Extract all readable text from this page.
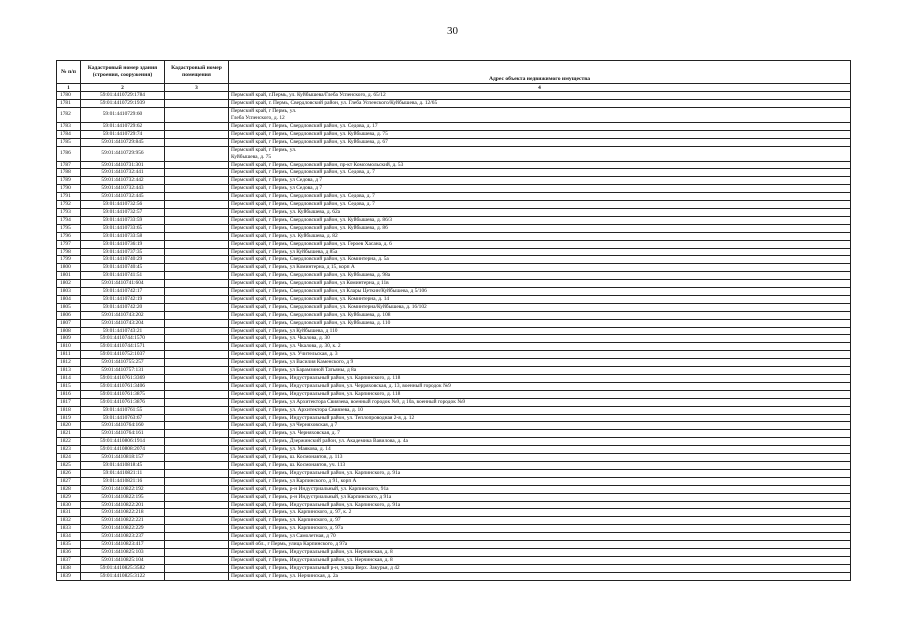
30
№ п/п	Кадастровый номер здания (строения, сооружения)	Кадастровый номер помещения	
			Адрес объекта недвижимого имущества
1	2	3	4
1780	59:01:4410729:1784		Пермский край, г.Пермь, ул. Куйбышева/Глеба Успенского, д. 65/12
1781	59:01:4410729:1939		Пермский край, г. Пермь, Свердловский район, ул. Глеба Успенского/Куйбышева, д. 12/65
1782	59:01:4410729:60		Пермский край, г Пермь, ул.
Глеба Успенского, д. 12
1783	59:01:4410729:62		Пермский край, г Пермь, Свердловский район, ул. Седова, д. 17
1784	59:01:4410729:74		Пермский край, г Пермь, Свердловский район, ул. Куйбышева, д. 75
1785	59:01:4410729:845		Пермский край, г Пермь, Свердловский район, ул. Куйбышева, д. 67
1786	59:01:4410729:956		Пермский край, г Пермь, ул.
Куйбышева, д. 75
1787	59:01:4410731:301		Пермский край, г Пермь, Свердловский район, пр-кт Комсомольский, д. 53
1788	59:01:4410732:441		Пермский край, г Пермь, Свердловский район, ул. Седова, д. 7
1789	59:01:4410732:442		Пермский край, г Пермь, ул Седова, д 7
1790	59:01:4410732:443		Пермский край, г Пермь, ул Седова, д 7
1791	59:01:4410732:445		Пермский край, г Пермь, Свердловский район, ул. Седова, д. 7
1792	59:01:4410732:56		Пермский край, г Пермь, Свердловский район, ул. Седова, д. 7
1793	59:01:4410732:57		Пермский край, г Пермь, ул. Куйбышева, д. 62а
1794	59:01:4410733:59		Пермский край, г Пермь, Свердловский район, ул. Куйбышева, д. 86/3
1795	59:01:4410733:65		Пермский край, г Пермь, Свердловский район, ул. Куйбышева, д. 86
1796	59:01:4410733:58		Пермский край, г Пермь, ул. Куйбышева, д. 82
1797	59:01:4410736:19		Пермский край, г Пермь, Свердловский район, ул. Героев Хасана, д. 6
1798	59:01:4410737:35		Пермский край, г Пермь, ул Куйбышева, д 85а
1799	59:01:4410740:29		Пермский край, г Пермь, Свердловский район, ул. Коминтерна, д. 5а
1800	59:01:4410740:45		Пермский край, г Пермь, ул Коминтерна, д 15, корп А
1801	59:01:4410741:51		Пермский край, г Пермь, Свердловский район, ул. Куйбышева, д. 98а
1802	59:01:4410741:604		Пермский край, г Пермь, Свердловский район, ул Коминтерна, д 11в
1803	59:01:4410742:17		Пермский край, г Пермь, Свердловский район, ул Клары Цеткин/Куйбышева, д 5/106
1804	59:01:4410742:19		Пермский край, г Пермь, Свердловский район, ул. Коминтерна, д. 14
1805	59:01:4410742:20		Пермский край, г Пермь, Свердловский район, ул. Коминтерна/Куйбышева, д. 16/102
1806	59:01:4410743:202		Пермский край, г Пермь, Свердловский район, ул. Куйбышева, д. 108
1807	59:01:4410743:204		Пермский край, г Пермь, Свердловский район, ул. Куйбышева, д. 110
1808	59:01:4410743:21		Пермский край, г Пермь, ул Куйбышева, д 110
1809	59:01:4410744:1570		Пермский край, г Пермь, ул. Чкалова, д. 30
1810	59:01:4410744:1571		Пермский край, г Пермь, ул. Чкалова, д. 30, к. 2
1811	59:01:4410752:1037		Пермский край, г Пермь, ул. Учительская, д. 3
1812	59:01:4410755:257		Пермский край, г Пермь, ул Василия Каменского, д 9
1813	59:01:4410757:131		Пермский край, г Пермь, ул Барамзиной Татьяны, д 8а
1814	59:01:4410761:3369		Пермский край, г Пермь, Индустриальный район, ул. Карпинского, д. 118
1815	59:01:4410761:3406		Пермский край, г Пермь, Индустриальный район, ул. Черряховская, д. 13, военный городок №9
1816	59:01:4410761:3875		Пермский край, г Пермь, Индустриальный район, ул. Карпинского, д. 118
1817	59:01:4410761:3876		Пермский край, г Пермь, ул Архитектора Свиязева, военный городок №9, д 10а, военный городок №9
1818	59:01:4410761:55		Пермский край, г Пермь, ул. Архитектора Свиязева, д. 10
1819	59:01:4410763:67		Пермский край, г Пермь, Индустриальный район, ул. Теплопроводная 2-я, д. 12
1820	59:01:4410764:160		Пермский край, г Пермь, ул Черняховская, д 7
1821	59:01:4410764:161		Пермский край, г Пермь, ул. Черняховская, д. 7
1822	59:01:4410806:1914		Пермский край, г Пермь, Дзержинский район, ул. Академика Вавилова, д. 4а
1823	59:01:4410808:2074		Пермский край, г Пермь, ул. Маякова, д. 14
1824	59:01:4410818:157		Пермский край, г Пермь, ш. Космонавтов, д. 113
1825	59:01:4410818:45		Пермский край, г Пермь, ш. Космонавтов, уч. 113
1826	59:01:4410821:11		Пермский край, г Пермь, Индустриальный район, ул. Карпинского, д. 91а
1827	59:01:4410821:16		Пермский край, г Пермь, ул Карпинского, д 91, корп А
1828	59:01:4410822:192		Пермский край, г Пермь, р-н Индустриальный, ул. Карпинского, 91а
1829	59:01:4410822:195		Пермский край, г Пермь, р-н Индустриальный, ул Карпинского, д 91а
1830	59:01:4410822:201		Пермский край, г Пермь, Индустриальный район, ул. Карпинского, д. 91а
1831	59:01:4410822:218		Пермский край, г Пермь, ул. Карпинского, д. 97, к. 2
1832	59:01:4410822:221		Пермский край, г Пермь, ул. Карпинского, д. 97
1833	59:01:4410822:229		Пермский край, г Пермь, ул. Карпинского, д. 97а
1834	59:01:4410823:237		Пермский край, г Пермь, ул Самолетная, д 70
1835	59:01:4410823:417		Пермский обл., г Пермь, улица Карпинского, д 97а
1836	59:01:4410825:103		Пермский край, г Пермь, Индустриальный район, ул. Нерчинская, д. 8
1837	59:01:4410825:104		Пермский край, г Пермь, Индустриальный район, ул. Нерчинская, д. 8
1838	59:01:4410825:3582		Пермский край, г Пермь, Индустриальный р-н, улица Верх. Закурья, д 42
1839	59:01:4410825:3122		Пермский край, г Пермь, ул. Нерчинская, д. 2а
